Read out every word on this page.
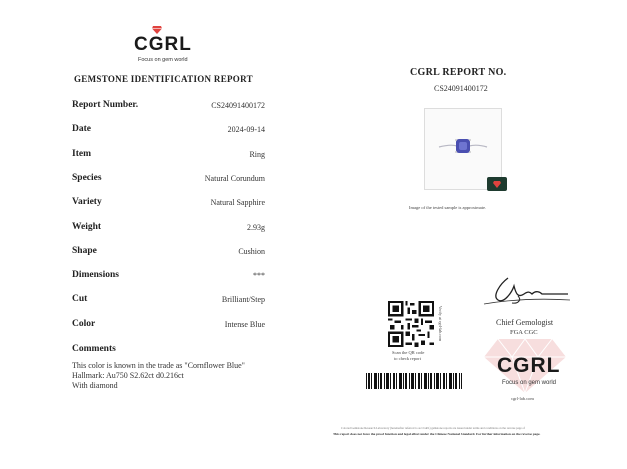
CGRL
Focus on gem world
GEMSTONE IDENTIFICATION REPORT
Report Number.	CS24091400172
Date	2024-09-14
Item	Ring
Species	Natural Corundum
Variety	Natural Sapphire
Weight	2.93g
Shape	Cushion
Dimensions	***
Cut	Brilliant/Step
Color	Intense Blue
Comments
This color is known in the trade as "Cornflower Blue"
Hallmark: Au750 S2.62ct d0.216ct
With diamond
CGRL REPORT NO.
CS24091400172
Image of the tested sample is approximate.
Verify at cgrl-lab.com
Scan the QR code
to check report
Chief Gemologist
FGA CGC
CGRL
Focus on gem world
cgrl-lab.com
Colored Gemstone Research Laboratory (hereinafter referred to as CGRL) gemstone reports are issued under terms and conditions on the reverse page of
This report does not have the proof function and legal effect under the Chinese National Standard. For further information on the reverse page.
